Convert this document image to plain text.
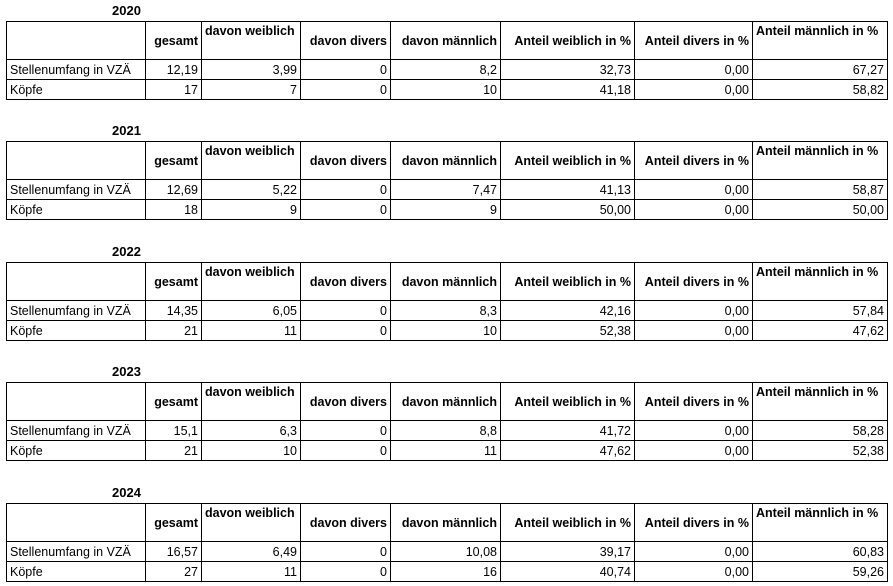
2020
	gesamt	davon weiblich	davon divers	davon männlich	Anteil weiblich in %	Anteil divers in %	Anteil männlich in %
Stellenumfang in VZÄ	12,19	3,99	0	8,2	32,73	0,00	67,27
Köpfe	17	7	0	10	41,18	0,00	58,82
2021
	gesamt	davon weiblich	davon divers	davon männlich	Anteil weiblich in %	Anteil divers in %	Anteil männlich in %
Stellenumfang in VZÄ	12,69	5,22	0	7,47	41,13	0,00	58,87
Köpfe	18	9	0	9	50,00	0,00	50,00
2022
	gesamt	davon weiblich	davon divers	davon männlich	Anteil weiblich in %	Anteil divers in %	Anteil männlich in %
Stellenumfang in VZÄ	14,35	6,05	0	8,3	42,16	0,00	57,84
Köpfe	21	11	0	10	52,38	0,00	47,62
2023
	gesamt	davon weiblich	davon divers	davon männlich	Anteil weiblich in %	Anteil divers in %	Anteil männlich in %
Stellenumfang in VZÄ	15,1	6,3	0	8,8	41,72	0,00	58,28
Köpfe	21	10	0	11	47,62	0,00	52,38
2024
	gesamt	davon weiblich	davon divers	davon männlich	Anteil weiblich in %	Anteil divers in %	Anteil männlich in %
Stellenumfang in VZÄ	16,57	6,49	0	10,08	39,17	0,00	60,83
Köpfe	27	11	0	16	40,74	0,00	59,26
